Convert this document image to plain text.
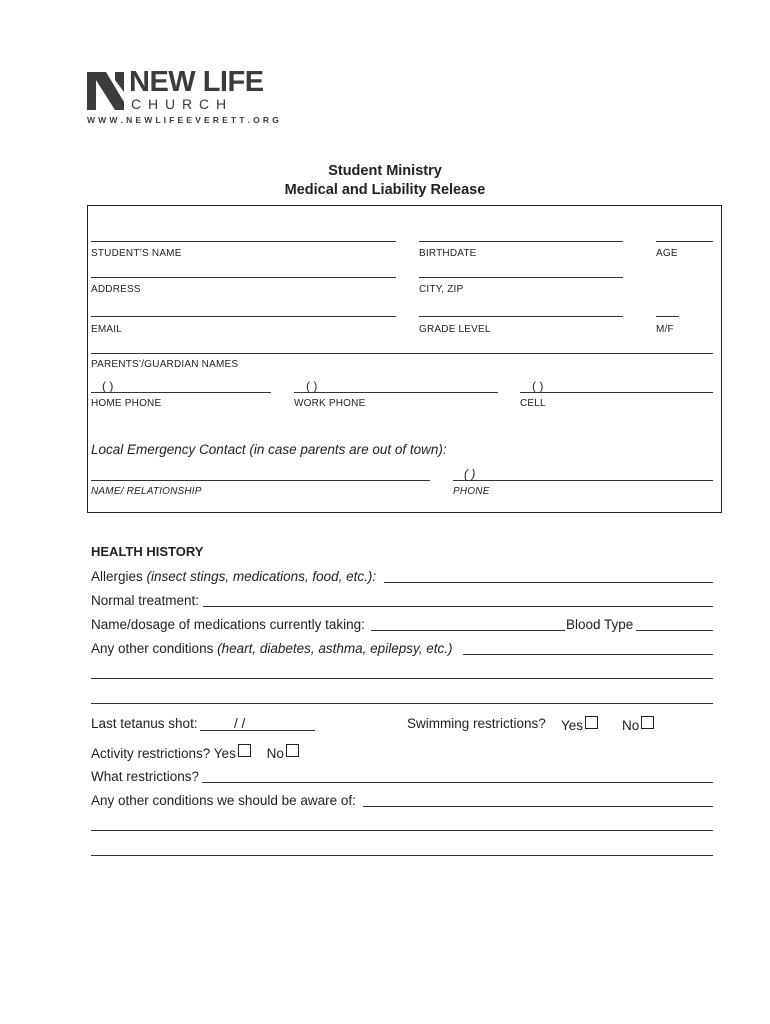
NEW LIFE
C H U R C H
W W W . N E W L I F E E V E R E T T . O R G
Student Ministry
Medical and Liability Release
STUDENT’S NAME	BIRTHDATE	AGE
ADDRESS	CITY, ZIP
EMAIL	GRADE LEVEL	M/F
PARENTS’/GUARDIAN NAMES
( )	( )	( )
HOME PHONE	WORK PHONE	CELL
Local Emergency Contact (in case parents are out of town):
( )
NAME/ RELATIONSHIP	PHONE
HEALTH HISTORY
Allergies (insect stings, medications, food, etc.):
Normal treatment:
Name/dosage of medications currently taking:	Blood Type
Any other conditions (heart, diabetes, asthma, epilepsy, etc.)
Last tetanus shot:	/ /	Swimming restrictions? Yes	No
Activity restrictions? Yes No
What restrictions?
Any other conditions we should be aware of:
